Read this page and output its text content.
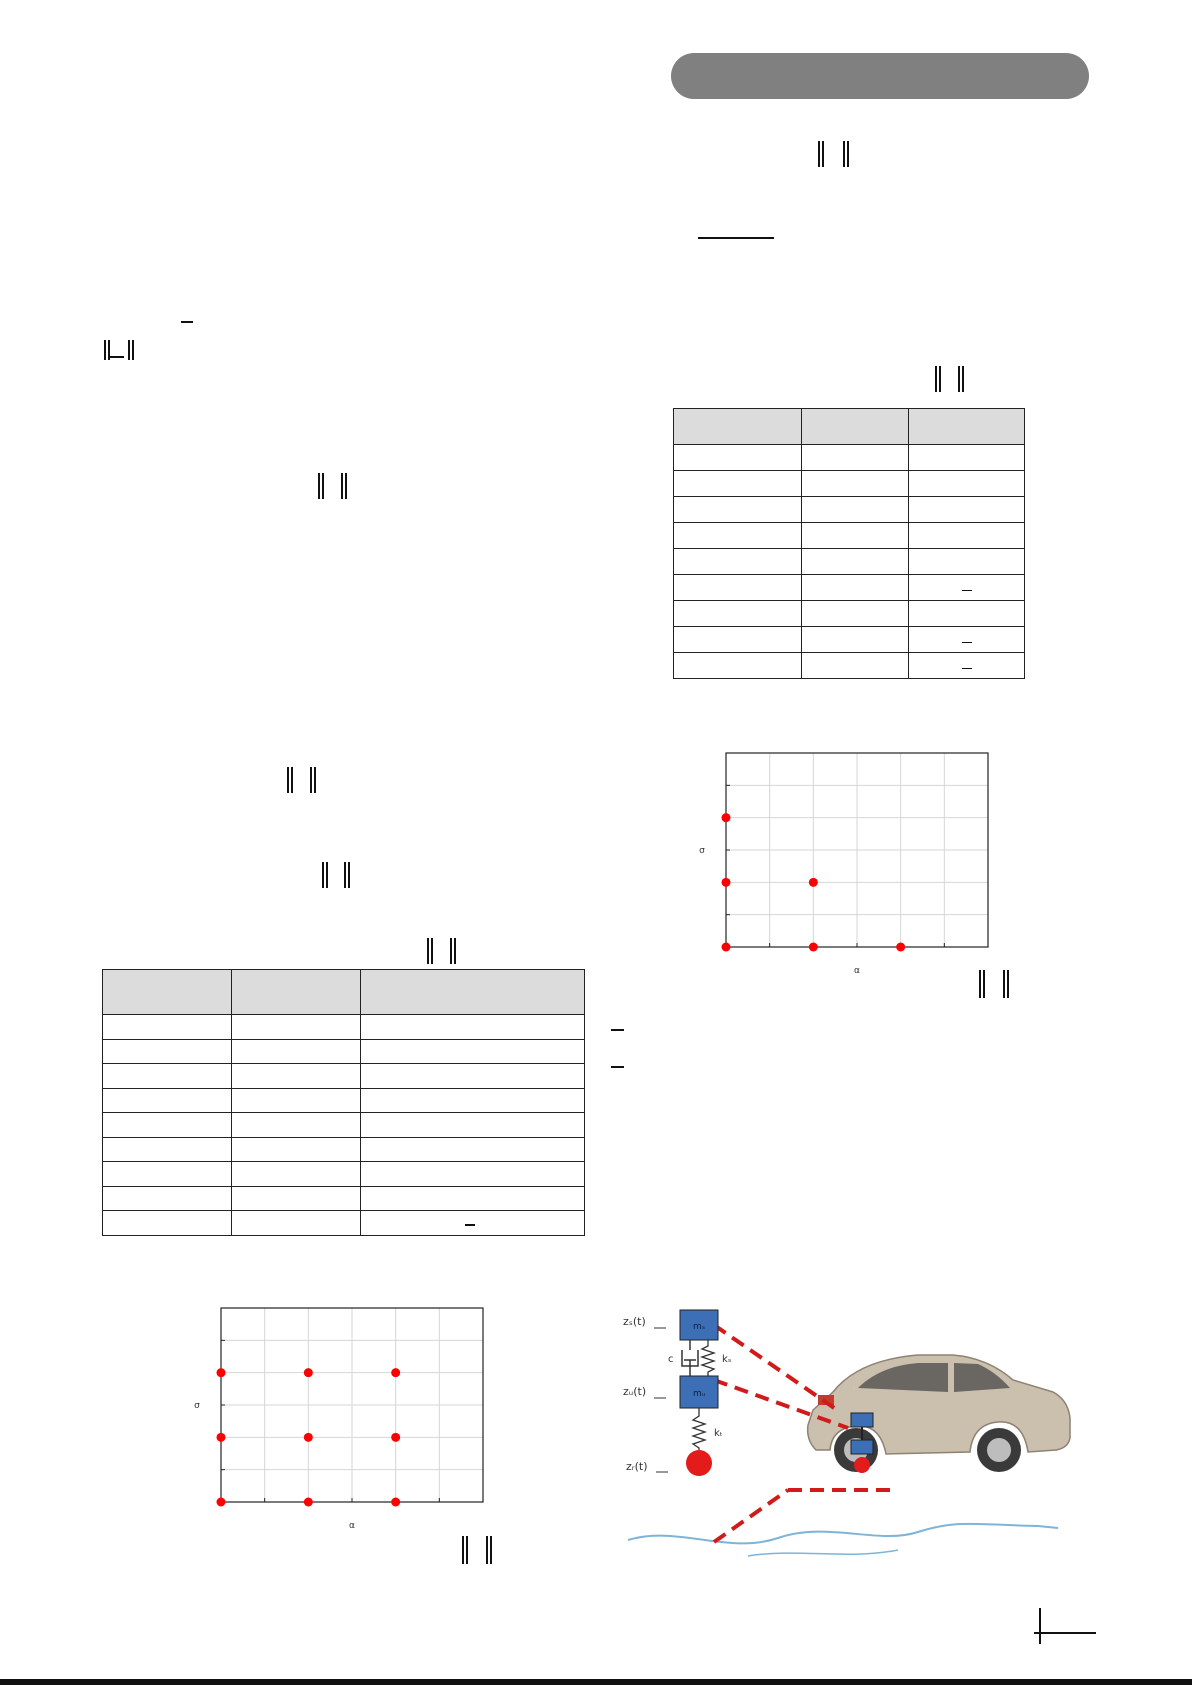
α
σ

α
σ
mₛ
c	kₛ
mᵤ
kₜ
zₛ(t)
zᵤ(t)
zᵣ(t)
